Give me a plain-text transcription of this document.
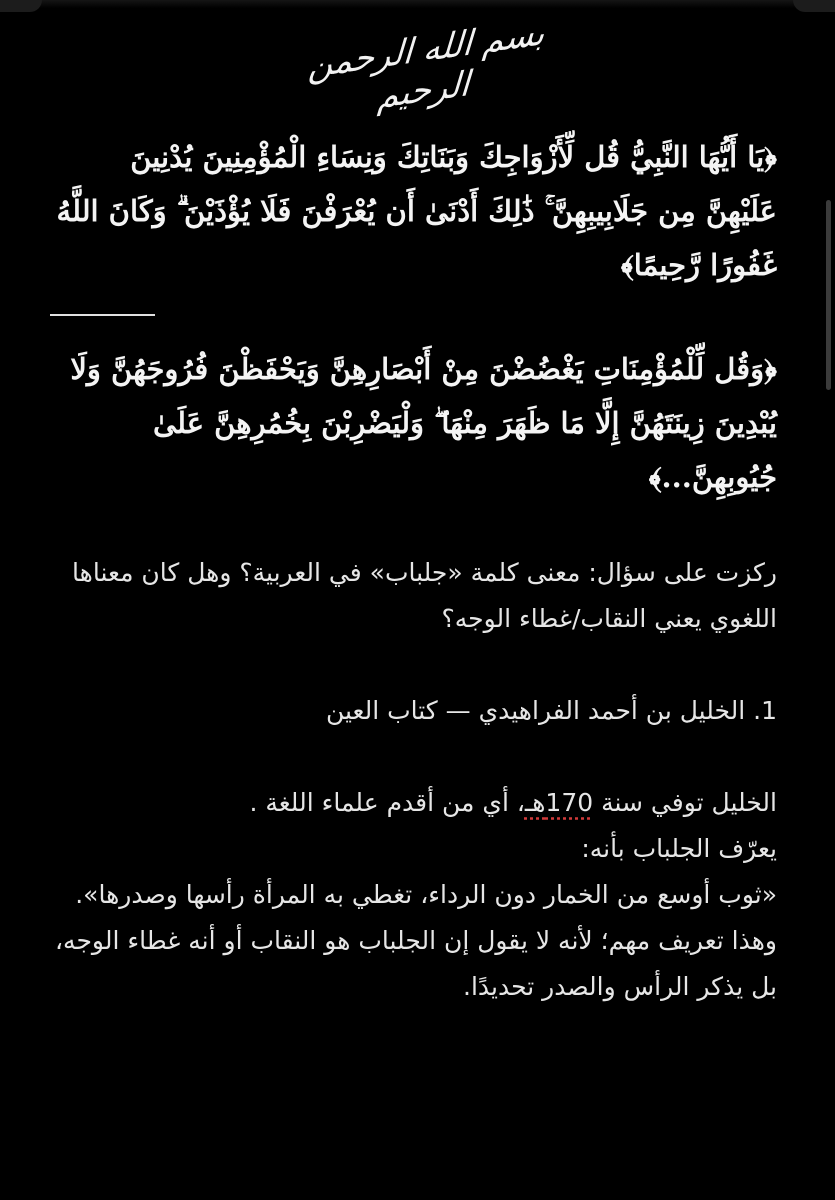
بسم الله الرحمن الرحيم

﴿يَا أَيُّهَا النَّبِيُّ قُل لِّأَزْوَاجِكَ وَبَنَاتِكَ وَنِسَاءِ الْمُؤْمِنِينَ يُدْنِينَ عَلَيْهِنَّ مِن جَلَابِيبِهِنَّ ۚ ذَٰلِكَ أَدْنَىٰ أَن يُعْرَفْنَ فَلَا يُؤْذَيْنَ ۗ وَكَانَ اللَّهُ غَفُورًا رَّحِيمًا﴾

﴿وَقُل لِّلْمُؤْمِنَاتِ يَغْضُضْنَ مِنْ أَبْصَارِهِنَّ وَيَحْفَظْنَ فُرُوجَهُنَّ وَلَا يُبْدِينَ زِينَتَهُنَّ إِلَّا مَا ظَهَرَ مِنْهَا ۖ وَلْيَضْرِبْنَ بِخُمُرِهِنَّ عَلَىٰ جُيُوبِهِنَّ...﴾

ركزت على سؤال: معنى كلمة «جلباب» في العربية؟ وهل كان معناها اللغوي يعني النقاب/غطاء الوجه؟

1. الخليل بن أحمد الفراهيدي — كتاب العين

الخليل توفي سنة 170هـ، أي من أقدم علماء اللغة .

يعرّف الجلباب بأنه:

«ثوب أوسع من الخمار دون الرداء، تغطي به المرأة رأسها وصدرها».

وهذا تعريف مهم؛ لأنه لا يقول إن الجلباب هو النقاب أو أنه غطاء الوجه، بل يذكر الرأس والصدر تحديدًا.
